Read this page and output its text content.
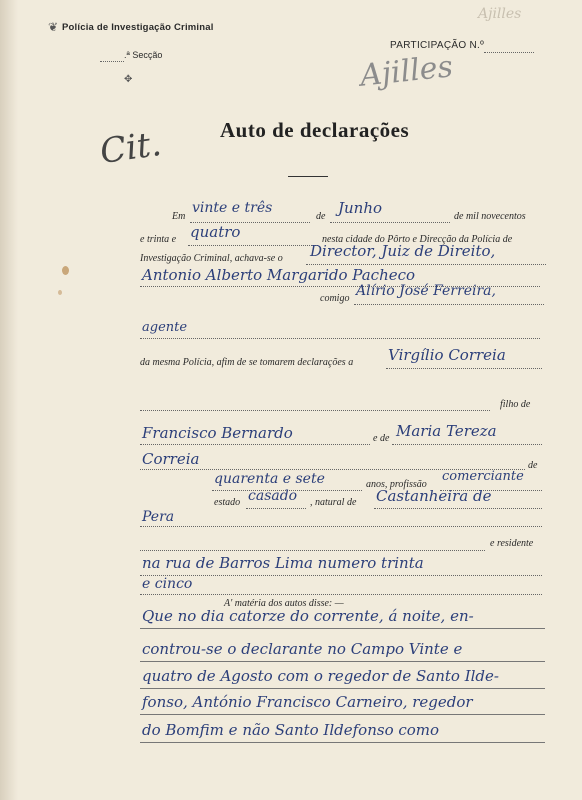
❦ Polícia de Investigação Criminal
.ª Secção
✥
PARTICIPAÇÃO N.º
Ajilles
Ajilles
Cit.	Auto de declarações
Em
vinte e três
de Junho	de mil novecentos
e trinta e quatro	nesta cidade do Pôrto e Direcção da Polícia de
Investigação Criminal, achava-se o Director, Juiz de Direito,
Antonio Alberto Margarido Pacheco
comigo Alírio José Ferreira,
agente
da mesma Polícia, afim de se tomarem declarações a Virgílio Correia
filho de
Francisco Bernardo	e de Maria Tereza
Correia	de
quarenta e sete	anos, profissão
comerciante
estado casado , natural de Castanheira de
Pera
e residente
na rua de Barros Lima numero trinta
e cinco
A' matéria dos autos disse: —
Que no dia catorze do corrente, á noite, en-
controu-se o declarante no Campo Vinte e
quatro de Agosto com o regedor de Santo Ilde-
fonso, António Francisco Carneiro, regedor
do Bomfim e não Santo Ildefonso como
